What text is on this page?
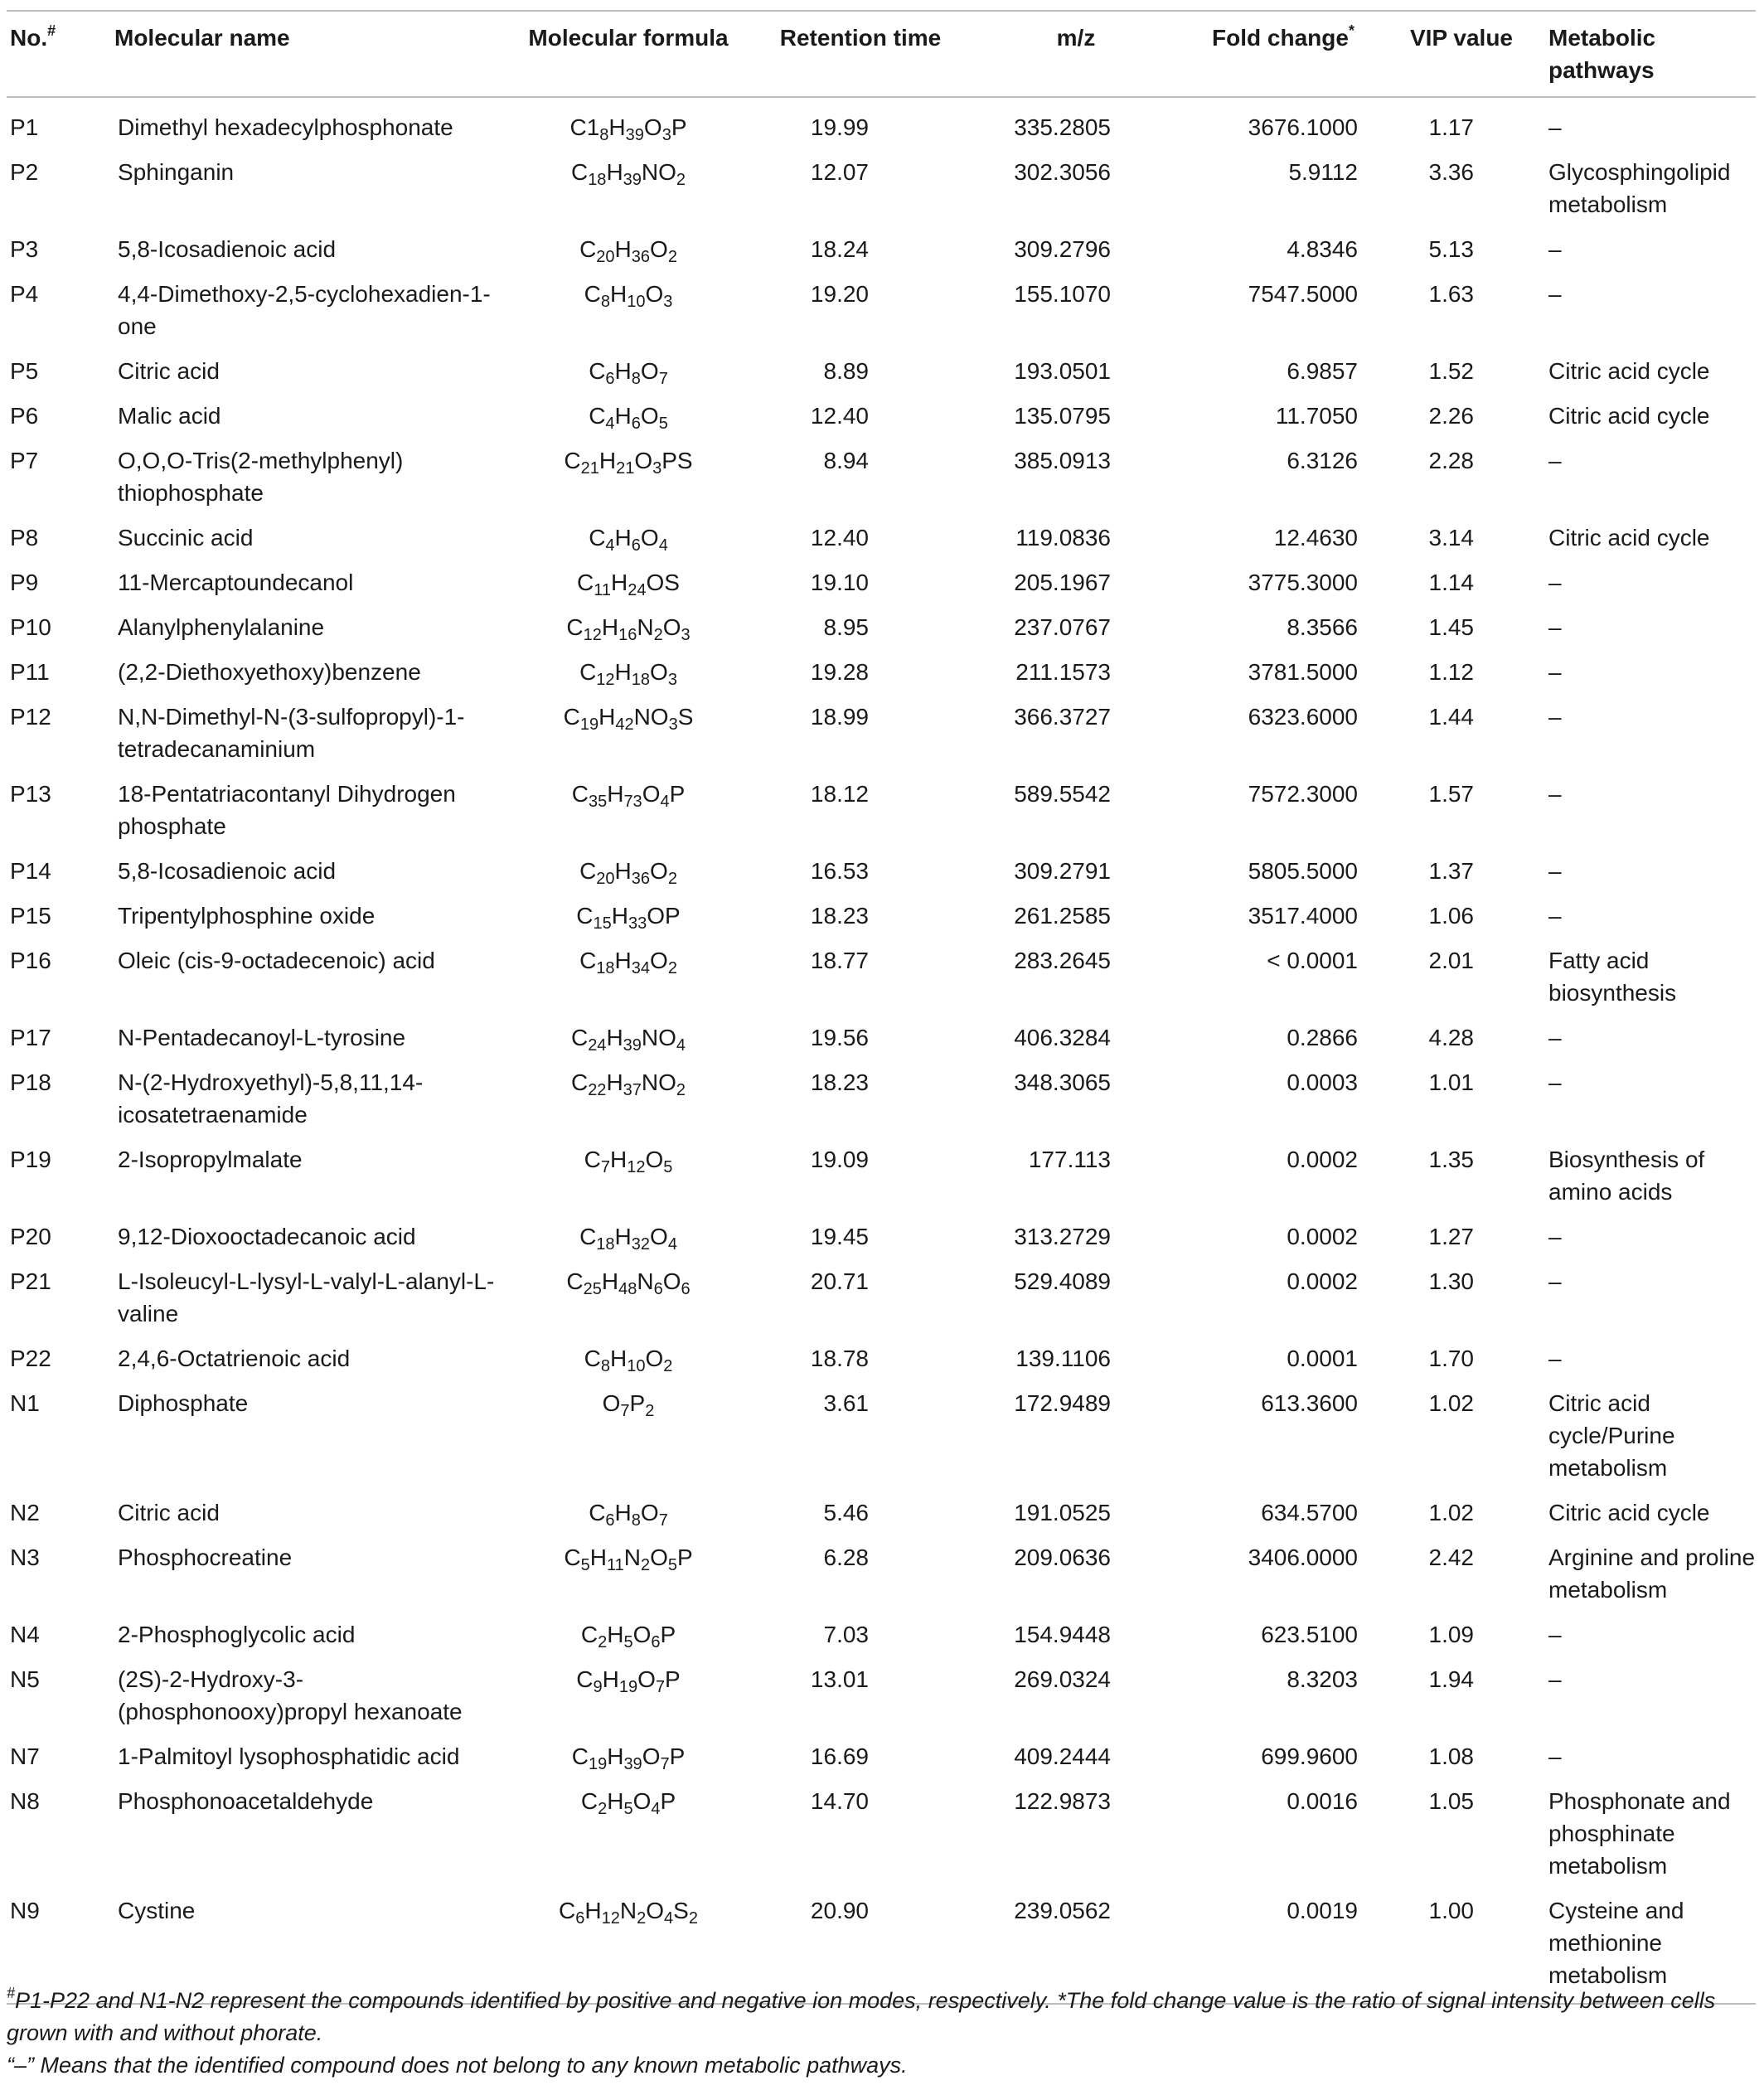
No.#	Molecular name	Molecular formula	Retention time	m/z	Fold change*	VIP value	Metabolic pathways
P1	Dimethyl hexadecylphosphonate	$C1_8H_{39}O_3P$	19.99	335.2805	3676.1000	1.17	–
P2	Sphinganin	$C_{18}H_{39}NO_2$	12.07	302.3056	5.9112	3.36	Glycosphingolipid metabolism
P3	5,8-Icosadienoic acid	$C_{20}H_{36}O_2$	18.24	309.2796	4.8346	5.13	–
P4	4,4-Dimethoxy-2,5-cyclohexadien-1-one	$C_8H_{10}O_3$	19.20	155.1070	7547.5000	1.63	–
P5	Citric acid	$C_6H_8O_7$	8.89	193.0501	6.9857	1.52	Citric acid cycle
P6	Malic acid	$C_4H_6O_5$	12.40	135.0795	11.7050	2.26	Citric acid cycle
P7	O,O,O-Tris(2-methylphenyl) thiophosphate	$C_{21}H_{21}O_3PS$	8.94	385.0913	6.3126	2.28	–
P8	Succinic acid	$C_4H_6O_4$	12.40	119.0836	12.4630	3.14	Citric acid cycle
P9	11-Mercaptoundecanol	$C_{11}H_{24}OS$	19.10	205.1967	3775.3000	1.14	–
P10	Alanylphenylalanine	$C_{12}H_{16}N_2O_3$	8.95	237.0767	8.3566	1.45	–
P11	(2,2-Diethoxyethoxy)benzene	$C_{12}H_{18}O_3$	19.28	211.1573	3781.5000	1.12	–
P12	N,N-Dimethyl-N-(3-sulfopropyl)-1-tetradecanaminium	$C_{19}H_{42}NO_3S$	18.99	366.3727	6323.6000	1.44	–
P13	18-Pentatriacontanyl Dihydrogen phosphate	$C_{35}H_{73}O_4P$	18.12	589.5542	7572.3000	1.57	–
P14	5,8-Icosadienoic acid	$C_{20}H_{36}O_2$	16.53	309.2791	5805.5000	1.37	–
P15	Tripentylphosphine oxide	$C_{15}H_{33}OP$	18.23	261.2585	3517.4000	1.06	–
P16	Oleic (cis-9-octadecenoic) acid	$C_{18}H_{34}O_2$	18.77	283.2645	< 0.0001	2.01	Fatty acid biosynthesis
P17	N-Pentadecanoyl-L-tyrosine	$C_{24}H_{39}NO_4$	19.56	406.3284	0.2866	4.28	–
P18	N-(2-Hydroxyethyl)-5,8,11,14-icosatetraenamide	$C_{22}H_{37}NO_2$	18.23	348.3065	0.0003	1.01	–
P19	2-Isopropylmalate	$C_7H_{12}O_5$	19.09	177.113	0.0002	1.35	Biosynthesis of amino acids
P20	9,12-Dioxooctadecanoic acid	$C_{18}H_{32}O_4$	19.45	313.2729	0.0002	1.27	–
P21	L-Isoleucyl-L-lysyl-L-valyl-L-alanyl-L-valine	$C_{25}H_{48}N_6O_6$	20.71	529.4089	0.0002	1.30	–
P22	2,4,6-Octatrienoic acid	$C_8H_{10}O_2$	18.78	139.1106	0.0001	1.70	–
N1	Diphosphate	$O_7P_2$	3.61	172.9489	613.3600	1.02	Citric acid cycle/Purine metabolism
N2	Citric acid	$C_6H_8O_7$	5.46	191.0525	634.5700	1.02	Citric acid cycle
N3	Phosphocreatine	$C_5H_{11}N_2O_5P$	6.28	209.0636	3406.0000	2.42	Arginine and proline metabolism
N4	2-Phosphoglycolic acid	$C_2H_5O_6P$	7.03	154.9448	623.5100	1.09	–
N5	(2S)-2-Hydroxy-3-(phosphonooxy)propyl hexanoate	$C_9H_{19}O_7P$	13.01	269.0324	8.3203	1.94	–
N7	1-Palmitoyl lysophosphatidic acid	$C_{19}H_{39}O_7P$	16.69	409.2444	699.9600	1.08	–
N8	Phosphonoacetaldehyde	$C_2H_5O_4P$	14.70	122.9873	0.0016	1.05	Phosphonate and phosphinate metabolism
N9	Cystine	$C_6H_{12}N_2O_4S_2$	20.90	239.0562	0.0019	1.00	Cysteine and methionine metabolism

#P1-P22 and N1-N2 represent the compounds identified by positive and negative ion modes, respectively. *The fold change value is the ratio of signal intensity between cells grown with and without phorate.

“–” Means that the identified compound does not belong to any known metabolic pathways.
